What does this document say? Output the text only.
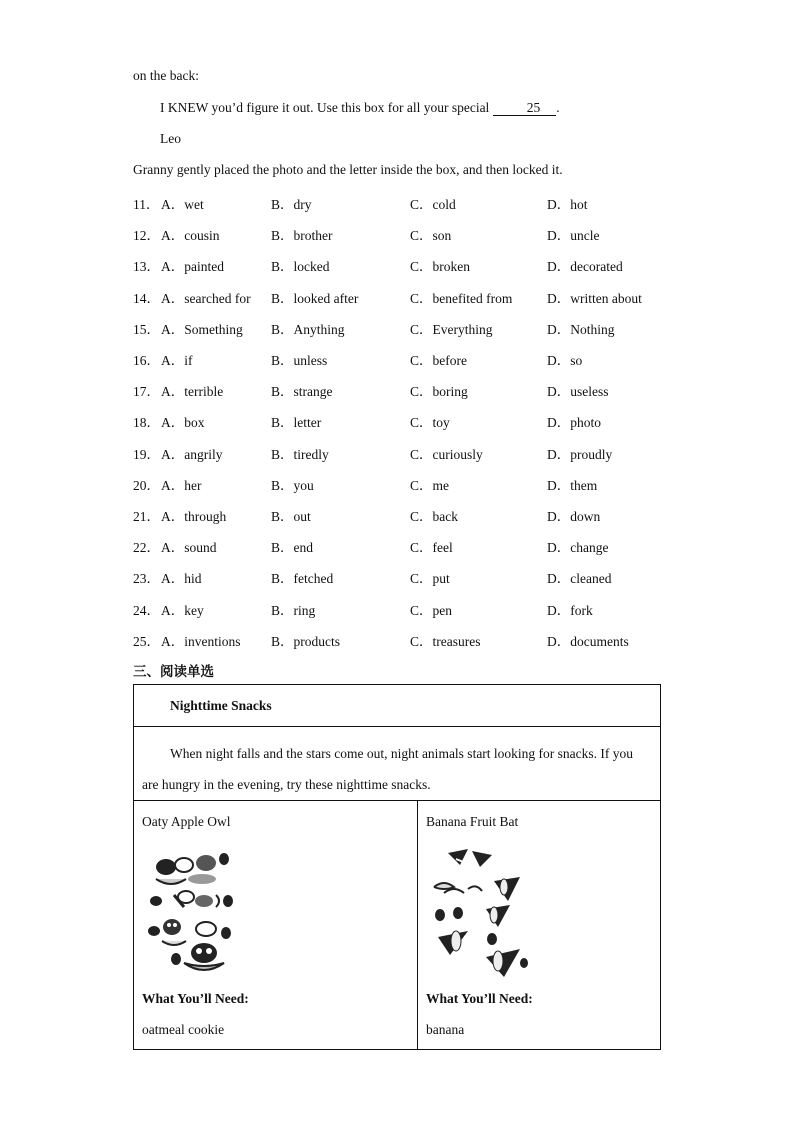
on the back:
I KNEW you’d figure it out. Use this box for all your special	25 .
Leo
Granny gently placed the photo and the letter inside the box, and then locked it.
11． A．wet	B．dry	C．cold	D．hot
12． A．cousin	B．brother	C．son	D．uncle
13． A．painted	B．locked	C．broken	D．decorated
14． A．searched for B．looked after	C．benefited from	D．written about
15． A．Something B．Anything	C．Everything	D．Nothing
16． A．if	B．unless	C．before	D．so
17． A．terrible	B．strange	C．boring	D．useless
18． A．box	B．letter	C．toy	D．photo
19． A．angrily	B．tiredly	C．curiously	D．proudly
20． A．her	B．you	C．me	D．them
21． A．through	B．out	C．back	D．down
22． A．sound	B．end	C．feel	D．change
23． A．hid	B．fetched	C．put	D．cleaned
24． A．key	B．ring	C．pen	D．fork
25． A．inventions B．products	C．treasures	D．documents
三、阅读单选
Nighttime Snacks

When night falls and the stars come out, night animals start looking for snacks. If you are hungry in the evening, try these nighttime snacks.

Oaty Apple Owl
What You’ll Need:
oatmeal cookie

Banana Fruit Bat
What You’ll Need:
banana
